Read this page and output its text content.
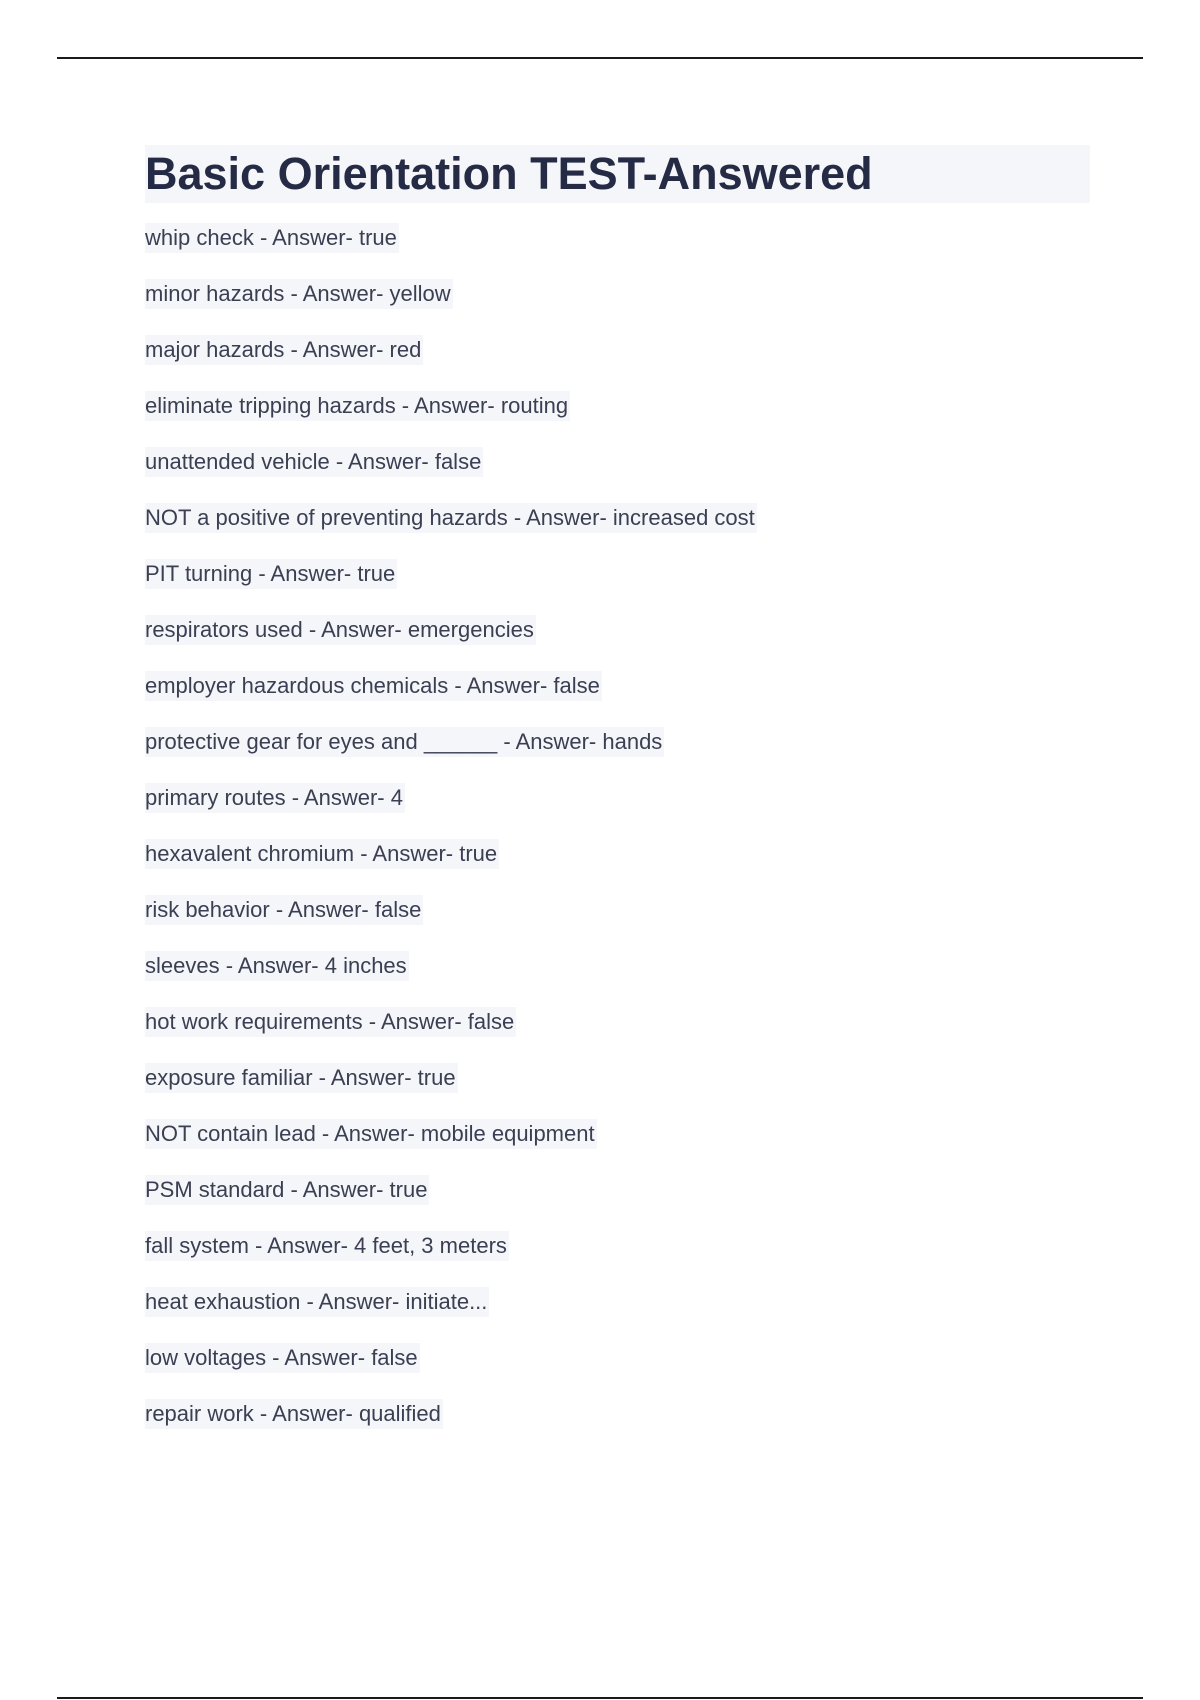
Basic Orientation TEST-Answered
whip check - Answer- true
minor hazards - Answer- yellow
major hazards - Answer- red
eliminate tripping hazards - Answer- routing
unattended vehicle - Answer- false
NOT a positive of preventing hazards - Answer- increased cost
PIT turning - Answer- true
respirators used - Answer- emergencies
employer hazardous chemicals - Answer- false
protective gear for eyes and ______ - Answer- hands
primary routes - Answer- 4
hexavalent chromium - Answer- true
risk behavior - Answer- false
sleeves - Answer- 4 inches
hot work requirements - Answer- false
exposure familiar - Answer- true
NOT contain lead - Answer- mobile equipment
PSM standard - Answer- true
fall system - Answer- 4 feet, 3 meters
heat exhaustion - Answer- initiate...
low voltages - Answer- false
repair work - Answer- qualified
